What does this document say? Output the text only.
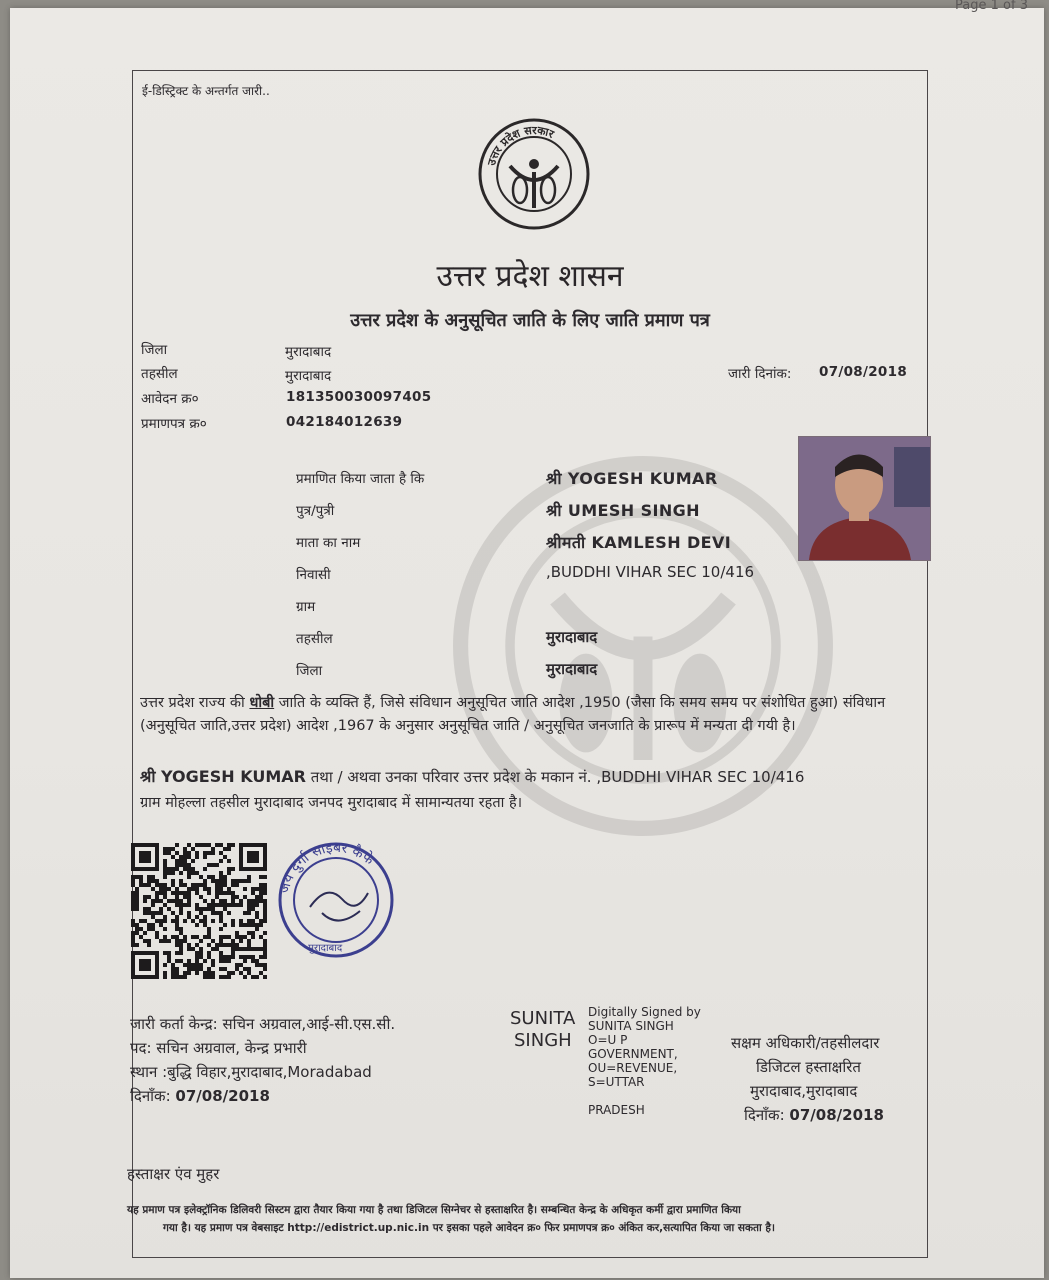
Page 1 of 3
ई-डिस्ट्रिक्ट के अन्तर्गत जारी..
उत्तर प्रदेश सरकार
उत्तर प्रदेश शासन
उत्तर प्रदेश के अनुसूचित जाति के लिए जाति प्रमाण पत्र
जिला	मुरादाबाद
तहसील	मुरादाबाद
आवेदन क्र०	181350030097405
प्रमाणपत्र क्र०	042184012639
जारी दिनांक: 07/08/2018
प्रमाणित किया जाता है कि	श्री YOGESH KUMAR
पुत्र/पुत्री	श्री UMESH SINGH
माता का नाम	श्रीमती KAMLESH DEVI
निवासी	,BUDDHI VIHAR SEC 10/416
ग्राम
तहसील	मुरादाबाद
जिला	मुरादाबाद
उत्तर प्रदेश राज्य की धोबी जाति के व्यक्ति हैं, जिसे संविधान अनुसूचित जाति आदेश ,1950 (जैसा कि समय समय पर संशोधित हुआ) संविधान (अनुसूचित जाति,उत्तर प्रदेश) आदेश ,1967 के अनुसार अनुसूचित जाति / अनुसूचित जनजाति के प्रारूप में मन्यता दी गयी है।
श्री YOGESH KUMAR तथा / अथवा उनका परिवार उत्तर प्रदेश के मकान नं. ,BUDDHI VIHAR SEC 10/416
ग्राम मोहल्ला तहसील मुरादाबाद जनपद मुरादाबाद में सामान्यतया रहता है।
जारी कर्ता केन्द्र: सचिन अग्रवाल,आई-सी.एस.सी.
पद: सचिन अग्रवाल, केन्द्र प्रभारी
स्थान :बुद्धि विहार,मुरादाबाद,Moradabad
दिनाँक: 07/08/2018
SUNITA
SINGH
Digitally Signed by
SUNITA SINGH
O=U P
GOVERNMENT,
OU=REVENUE,
S=UTTAR
PRADESH
सक्षम अधिकारी/तहसीलदार
डिजिटल हस्ताक्षरित
मुरादाबाद,मुरादाबाद
दिनाँक: 07/08/2018
हस्ताक्षर एंव मुहर
यह प्रमाण पत्र इलेक्ट्रॉनिक डिलिवरी सिस्टम द्वारा तैयार किया गया है तथा डिजिटल सिग्नेचर से हस्ताक्षरित है। सम्बन्धित केन्द्र के अधिकृत कर्मी द्वारा प्रमाणित किया
गया है। यह प्रमाण पत्र वेबसाइट http://edistrict.up.nic.in पर इसका पहले आवेदन क्र० फिर प्रमाणपत्र क्र० अंकित कर,सत्यापित किया जा सकता है।
जय दुर्गा साइबर कैफे
मुरादाबाद
